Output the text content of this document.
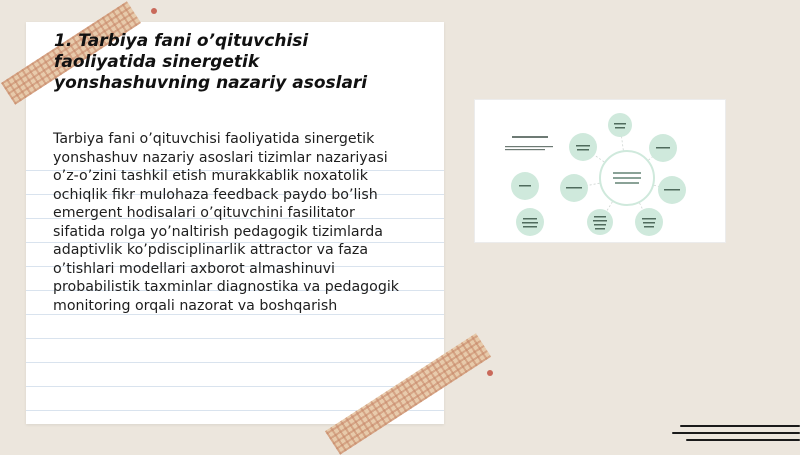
1. Tarbiya fani o’qituvchisi faoliyatida sinergetik yonshashuvning nazariy asoslari
Tarbiya fani o’qituvchisi faoliyatida sinergetik yonshashuv nazariy asoslari tizimlar nazariyasi o’z-o’zini tashkil etish murakkablik noxatolik ochiqlik fikr mulohaza feedback paydo bo’lish emergent hodisalari o’qituvchini fasilitator sifatida rolga yo’naltirish pedagogik tizimlarda adaptivlik ko’pdisciplinarlik attractor va faza o’tishlari modellari axborot almashinuvi probabilistik taxminlar diagnostika va pedagogik monitoring orqali nazorat va boshqarish
